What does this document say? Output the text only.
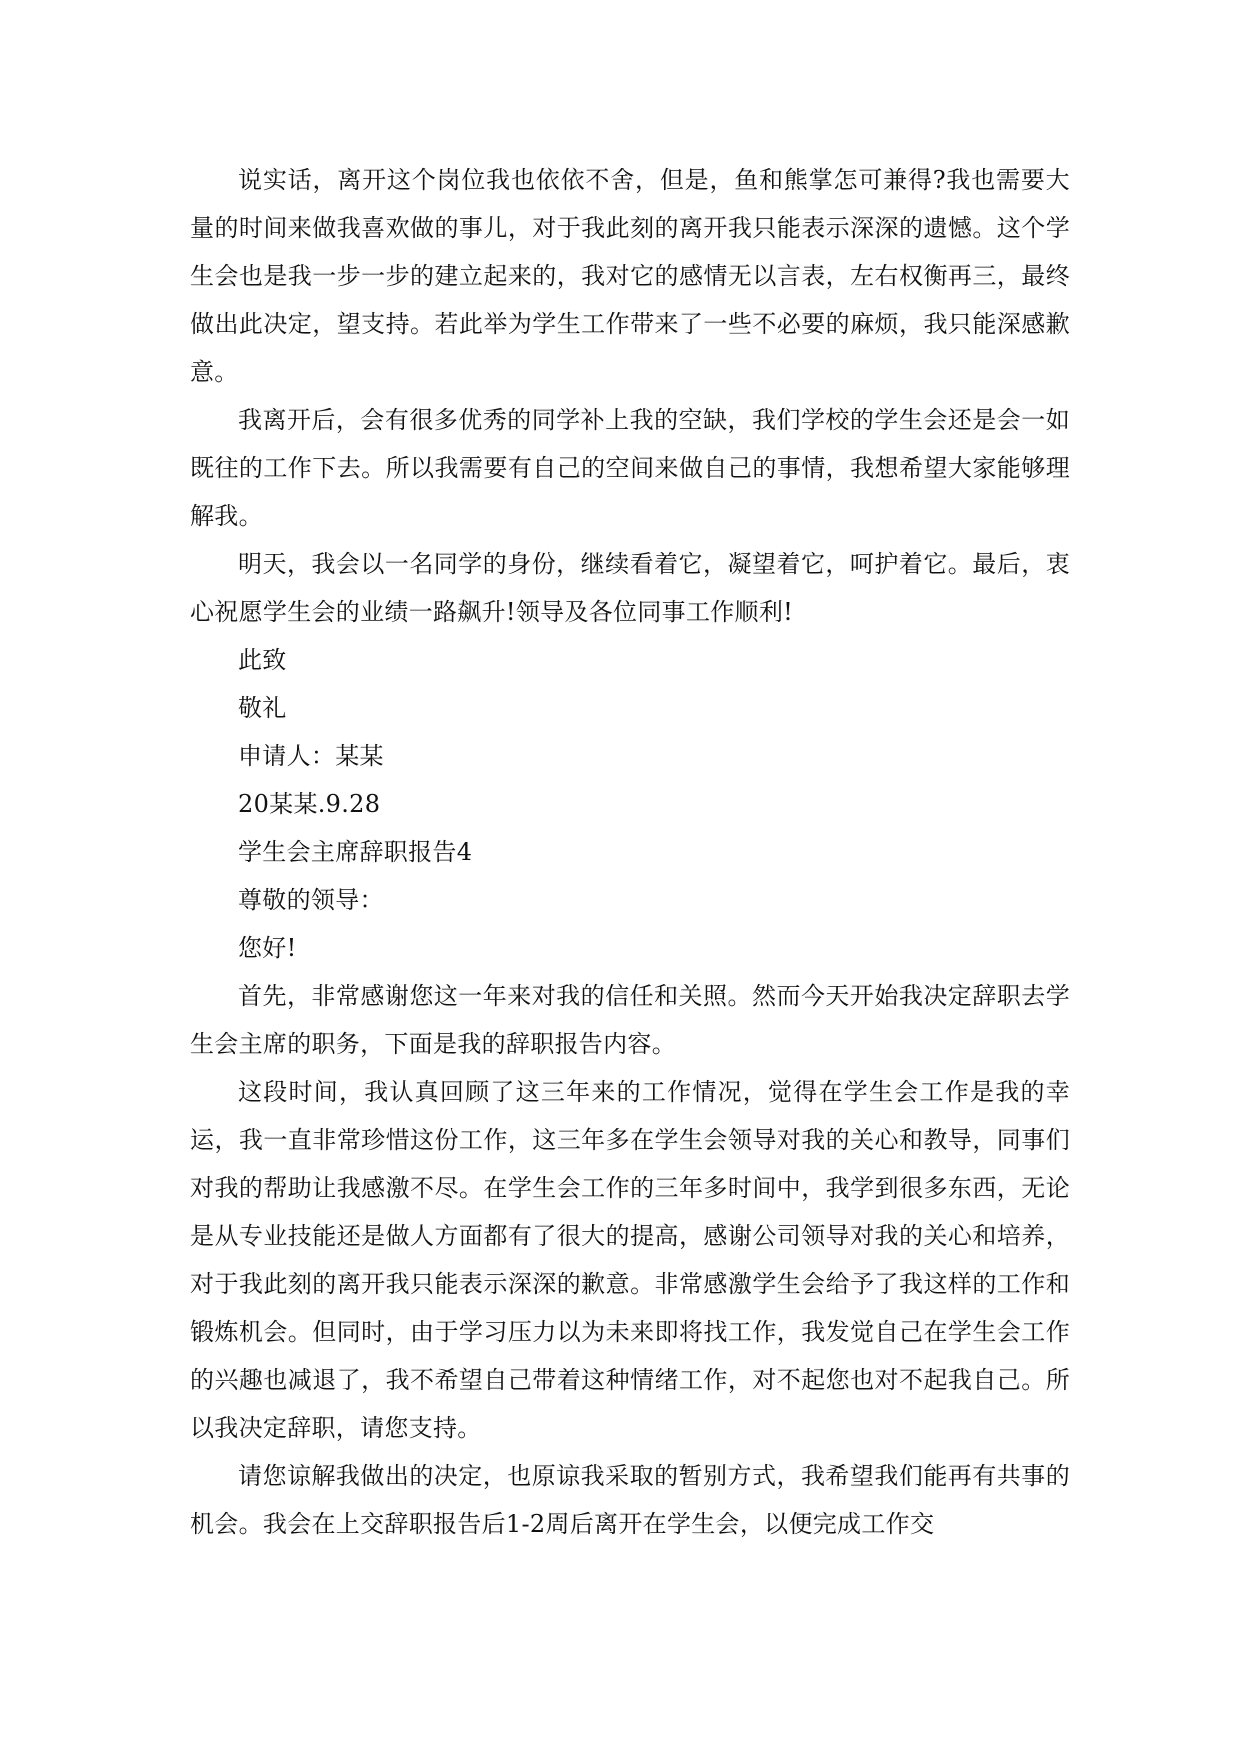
说实话，离开这个岗位我也依依不舍，但是，鱼和熊掌怎可兼得?我也需要大量的时间来做我喜欢做的事儿，对于我此刻的离开我只能表示深深的遗憾。这个学生会也是我一步一步的建立起来的，我对它的感情无以言表，左右权衡再三，最终做出此决定，望支持。若此举为学生工作带来了一些不必要的麻烦，我只能深感歉意。

我离开后，会有很多优秀的同学补上我的空缺，我们学校的学生会还是会一如既往的工作下去。所以我需要有自己的空间来做自己的事情，我想希望大家能够理解我。

明天，我会以一名同学的身份，继续看着它，凝望着它，呵护着它。最后，衷心祝愿学生会的业绩一路飙升!领导及各位同事工作顺利!

此致

敬礼

申请人：某某

20某某.9.28

学生会主席辞职报告4

尊敬的领导：

您好!

首先，非常感谢您这一年来对我的信任和关照。然而今天开始我决定辞职去学生会主席的职务，下面是我的辞职报告内容。

这段时间，我认真回顾了这三年来的工作情况，觉得在学生会工作是我的幸运，我一直非常珍惜这份工作，这三年多在学生会领导对我的关心和教导，同事们对我的帮助让我感激不尽。在学生会工作的三年多时间中，我学到很多东西，无论是从专业技能还是做人方面都有了很大的提高，感谢公司领导对我的关心和培养，对于我此刻的离开我只能表示深深的歉意。非常感激学生会给予了我这样的工作和锻炼机会。但同时，由于学习压力以为未来即将找工作，我发觉自己在学生会工作的兴趣也减退了，我不希望自己带着这种情绪工作，对不起您也对不起我自己。所以我决定辞职，请您支持。

请您谅解我做出的决定，也原谅我采取的暂别方式，我希望我们能再有共事的机会。我会在上交辞职报告后1-2周后离开在学生会，以便完成工作交
